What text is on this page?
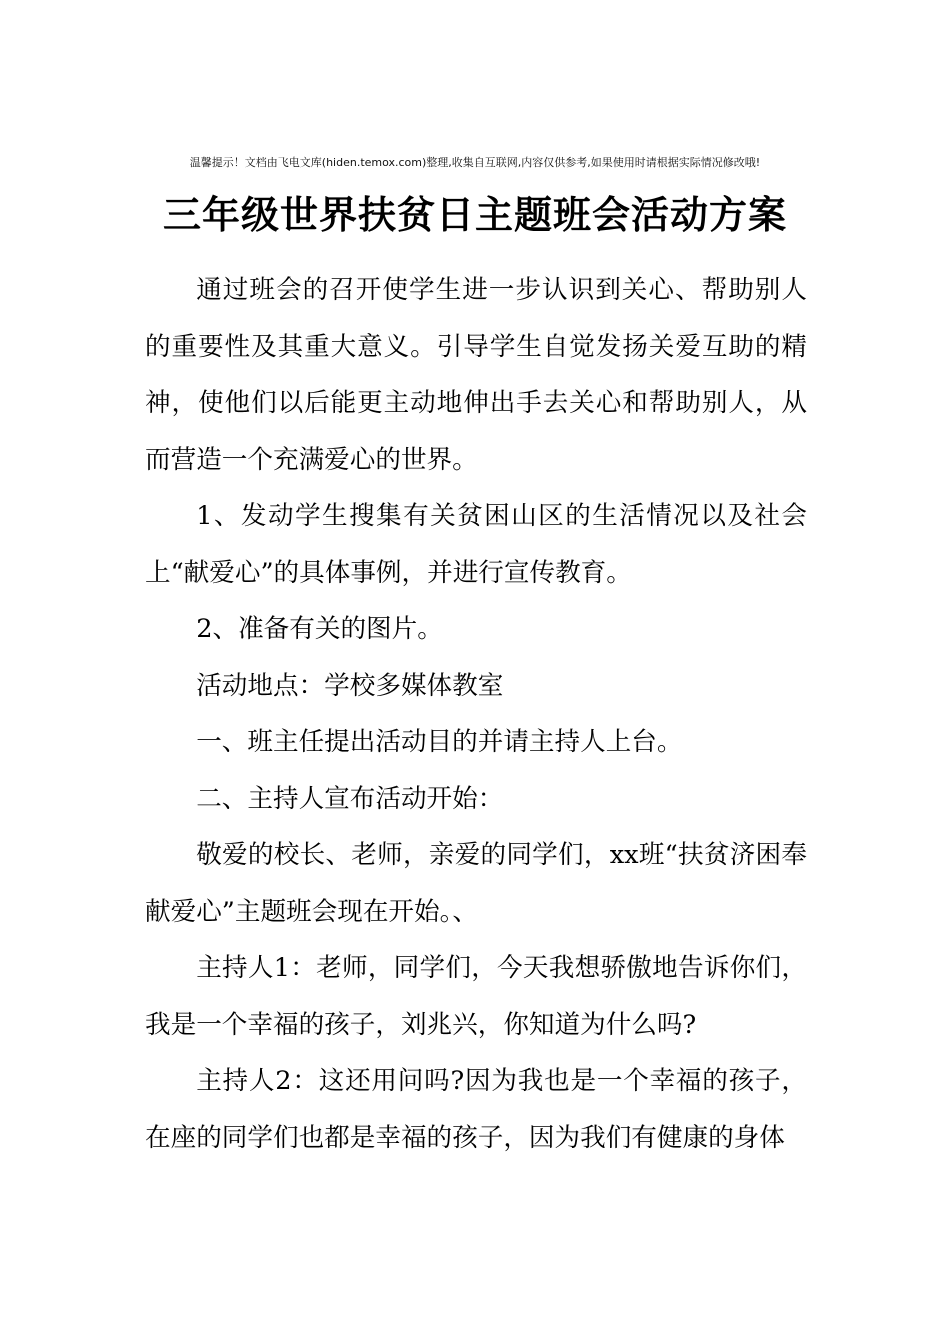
温馨提示！文档由飞电文库(hiden.temox.com)整理,收集自互联网,内容仅供参考,如果使用时请根据实际情况修改哦!
三年级世界扶贫日主题班会活动方案

通过班会的召开使学生进一步认识到关心、帮助别人的重要性及其重大意义。引导学生自觉发扬关爱互助的精神，使他们以后能更主动地伸出手去关心和帮助别人，从而营造一个充满爱心的世界。

1、发动学生搜集有关贫困山区的生活情况以及社会上“献爱心”的具体事例，并进行宣传教育。

2、准备有关的图片。

活动地点：学校多媒体教室

一、班主任提出活动目的并请主持人上台。

二、主持人宣布活动开始：

敬爱的校长、老师，亲爱的同学们，xx班“扶贫济困奉献爱心”主题班会现在开始。、

主持人1：老师，同学们，今天我想骄傲地告诉你们，我是一个幸福的孩子，刘兆兴，你知道为什么吗?

主持人2：这还用问吗?因为我也是一个幸福的孩子，在座的同学们也都是幸福的孩子，因为我们有健康的身体
